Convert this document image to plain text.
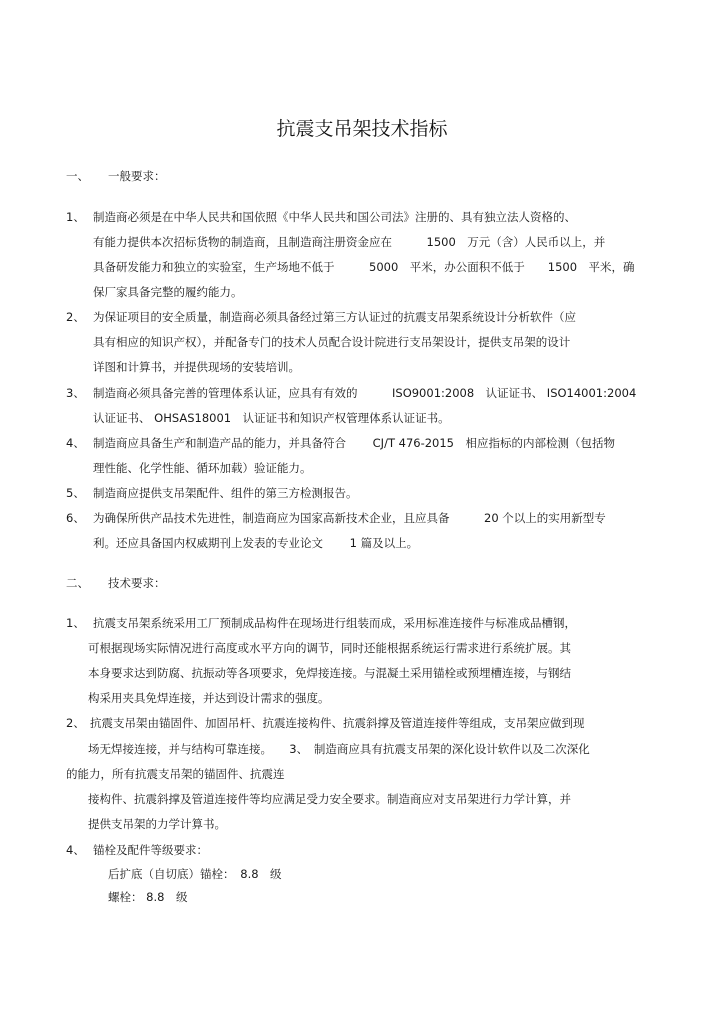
抗震支吊架技术指标
一、 一般要求：
1、 制造商必须是在中华人民共和国依照《中华人民共和国公司法》注册的、具有独立法人资格的、
有能力提供本次招标货物的制造商，且制造商注册资金应在　　　1500　万元（含）人民币以上，并
具备研发能力和独立的实验室，生产场地不低于　　　5000　平米，办公面积不低于　　1500　平米，确
保厂家具备完整的履约能力。
2、 为保证项目的安全质量，制造商必须具备经过第三方认证过的抗震支吊架系统设计分析软件（应
具有相应的知识产权），并配备专门的技术人员配合设计院进行支吊架设计，提供支吊架的设计
详图和计算书，并提供现场的安装培训。
3、 制造商必须具备完善的管理体系认证，应具有有效的　　　ISO9001:2008　认证证书、 ISO14001:2004
认证证书、 OHSAS18001　认证证书和知识产权管理体系认证证书。
4、 制造商应具备生产和制造产品的能力，并具备符合　　 CJ/T 476-2015　相应指标的内部检测（包括物
理性能、化学性能、循环加载）验证能力。
5、 制造商应提供支吊架配件、组件的第三方检测报告。
6、 为确保所供产品技术先进性，制造商应为国家高新技术企业，且应具备　　　20 个以上的实用新型专
利。还应具备国内权威期刊上发表的专业论文　　 1 篇及以上。
二、 技术要求：
1、 抗震支吊架系统采用工厂预制成品构件在现场进行组装而成，采用标准连接件与标准成品槽钢，
可根据现场实际情况进行高度或水平方向的调节，同时还能根据系统运行需求进行系统扩展。其
本身要求达到防腐、抗振动等各项要求，免焊接连接。与混凝土采用锚栓或预埋槽连接，与钢结
构采用夹具免焊连接，并达到设计需求的强度。
2、 抗震支吊架由锚固件、加固吊杆、抗震连接构件、抗震斜撑及管道连接件等组成，支吊架应做到现
场无焊接连接，并与结构可靠连接。　　3、　制造商应具有抗震支吊架的深化设计软件以及二次深化
的能力，所有抗震支吊架的锚固件、抗震连
接构件、抗震斜撑及管道连接件等均应满足受力安全要求。制造商应对支吊架进行力学计算，并
提供支吊架的力学计算书。
4、 锚栓及配件等级要求：
后扩底（自切底）锚栓：　8.8　级
螺栓： 8.8　级
